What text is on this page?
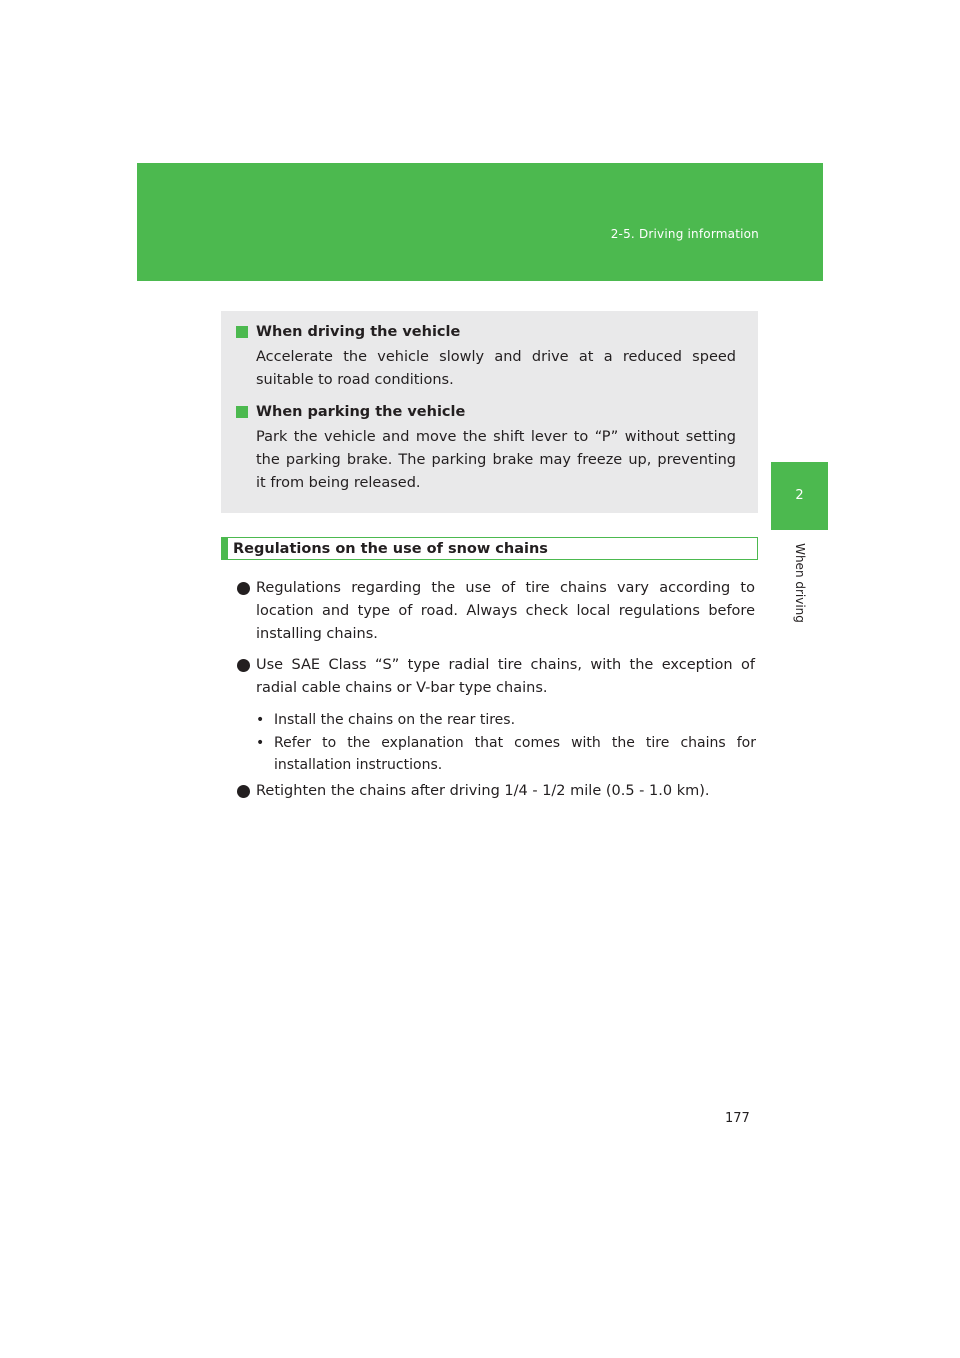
2-5. Driving information
2
When driving
When driving the vehicle
Accelerate the vehicle slowly and drive at a reduced speed suitable to road conditions.
When parking the vehicle
Park the vehicle and move the shift lever to “P” without setting the parking brake. The parking brake may freeze up, preventing it from being released.
Regulations on the use of snow chains
Regulations regarding the use of tire chains vary according to location and type of road. Always check local regulations before installing chains.
Use SAE Class “S” type radial tire chains, with the exception of radial cable chains or V-bar type chains.
• Install the chains on the rear tires.
• Refer to the explanation that comes with the tire chains for installation instructions.
Retighten the chains after driving 1/4 - 1/2 mile (0.5 - 1.0 km).
177
